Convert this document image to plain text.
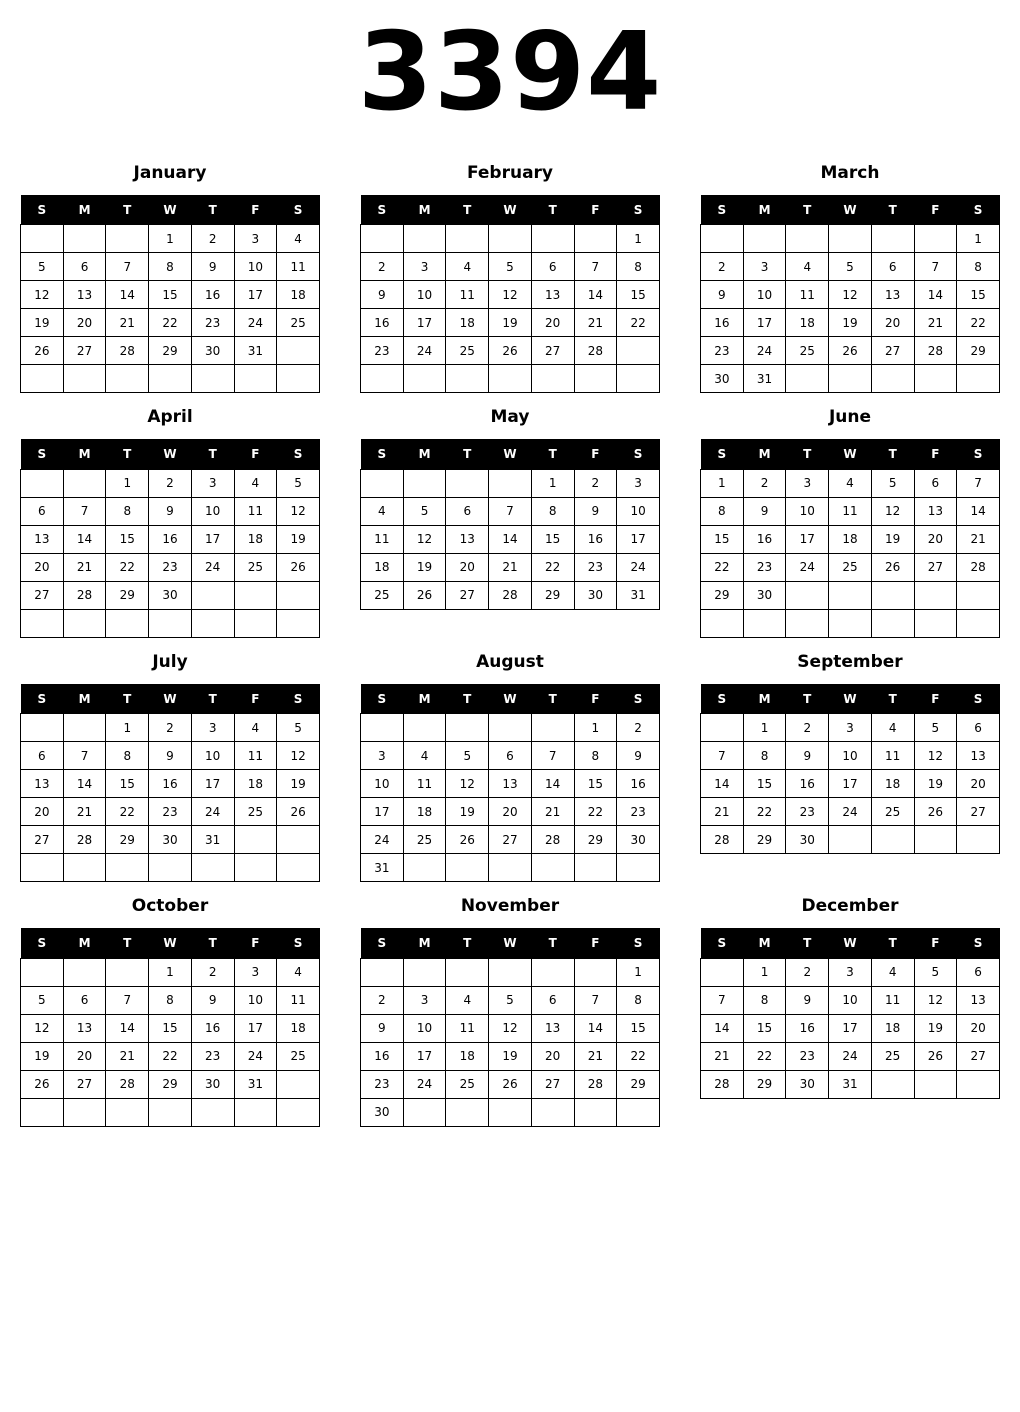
3394
January
S	M	T	W	T	F	S
			1	2	3	4
5	6	7	8	9	10	11
12	13	14	15	16	17	18
19	20	21	22	23	24	25
26	27	28	29	30	31	

February
S	M	T	W	T	F	S
						1
2	3	4	5	6	7	8
9	10	11	12	13	14	15
16	17	18	19	20	21	22
23	24	25	26	27	28	

March
S	M	T	W	T	F	S
						1
2	3	4	5	6	7	8
9	10	11	12	13	14	15
16	17	18	19	20	21	22
23	24	25	26	27	28	29
30	31					
April
S	M	T	W	T	F	S
		1	2	3	4	5
6	7	8	9	10	11	12
13	14	15	16	17	18	19
20	21	22	23	24	25	26
27	28	29	30			

May
S	M	T	W	T	F	S
				1	2	3
4	5	6	7	8	9	10
11	12	13	14	15	16	17
18	19	20	21	22	23	24
25	26	27	28	29	30	31
June
S	M	T	W	T	F	S
1	2	3	4	5	6	7
8	9	10	11	12	13	14
15	16	17	18	19	20	21
22	23	24	25	26	27	28
29	30					

July
S	M	T	W	T	F	S
		1	2	3	4	5
6	7	8	9	10	11	12
13	14	15	16	17	18	19
20	21	22	23	24	25	26
27	28	29	30	31		

August
S	M	T	W	T	F	S
					1	2
3	4	5	6	7	8	9
10	11	12	13	14	15	16
17	18	19	20	21	22	23
24	25	26	27	28	29	30
31						
September
S	M	T	W	T	F	S
	1	2	3	4	5	6
7	8	9	10	11	12	13
14	15	16	17	18	19	20
21	22	23	24	25	26	27
28	29	30				
October
S	M	T	W	T	F	S
			1	2	3	4
5	6	7	8	9	10	11
12	13	14	15	16	17	18
19	20	21	22	23	24	25
26	27	28	29	30	31	

November
S	M	T	W	T	F	S
						1
2	3	4	5	6	7	8
9	10	11	12	13	14	15
16	17	18	19	20	21	22
23	24	25	26	27	28	29
30						
December
S	M	T	W	T	F	S
	1	2	3	4	5	6
7	8	9	10	11	12	13
14	15	16	17	18	19	20
21	22	23	24	25	26	27
28	29	30	31			
